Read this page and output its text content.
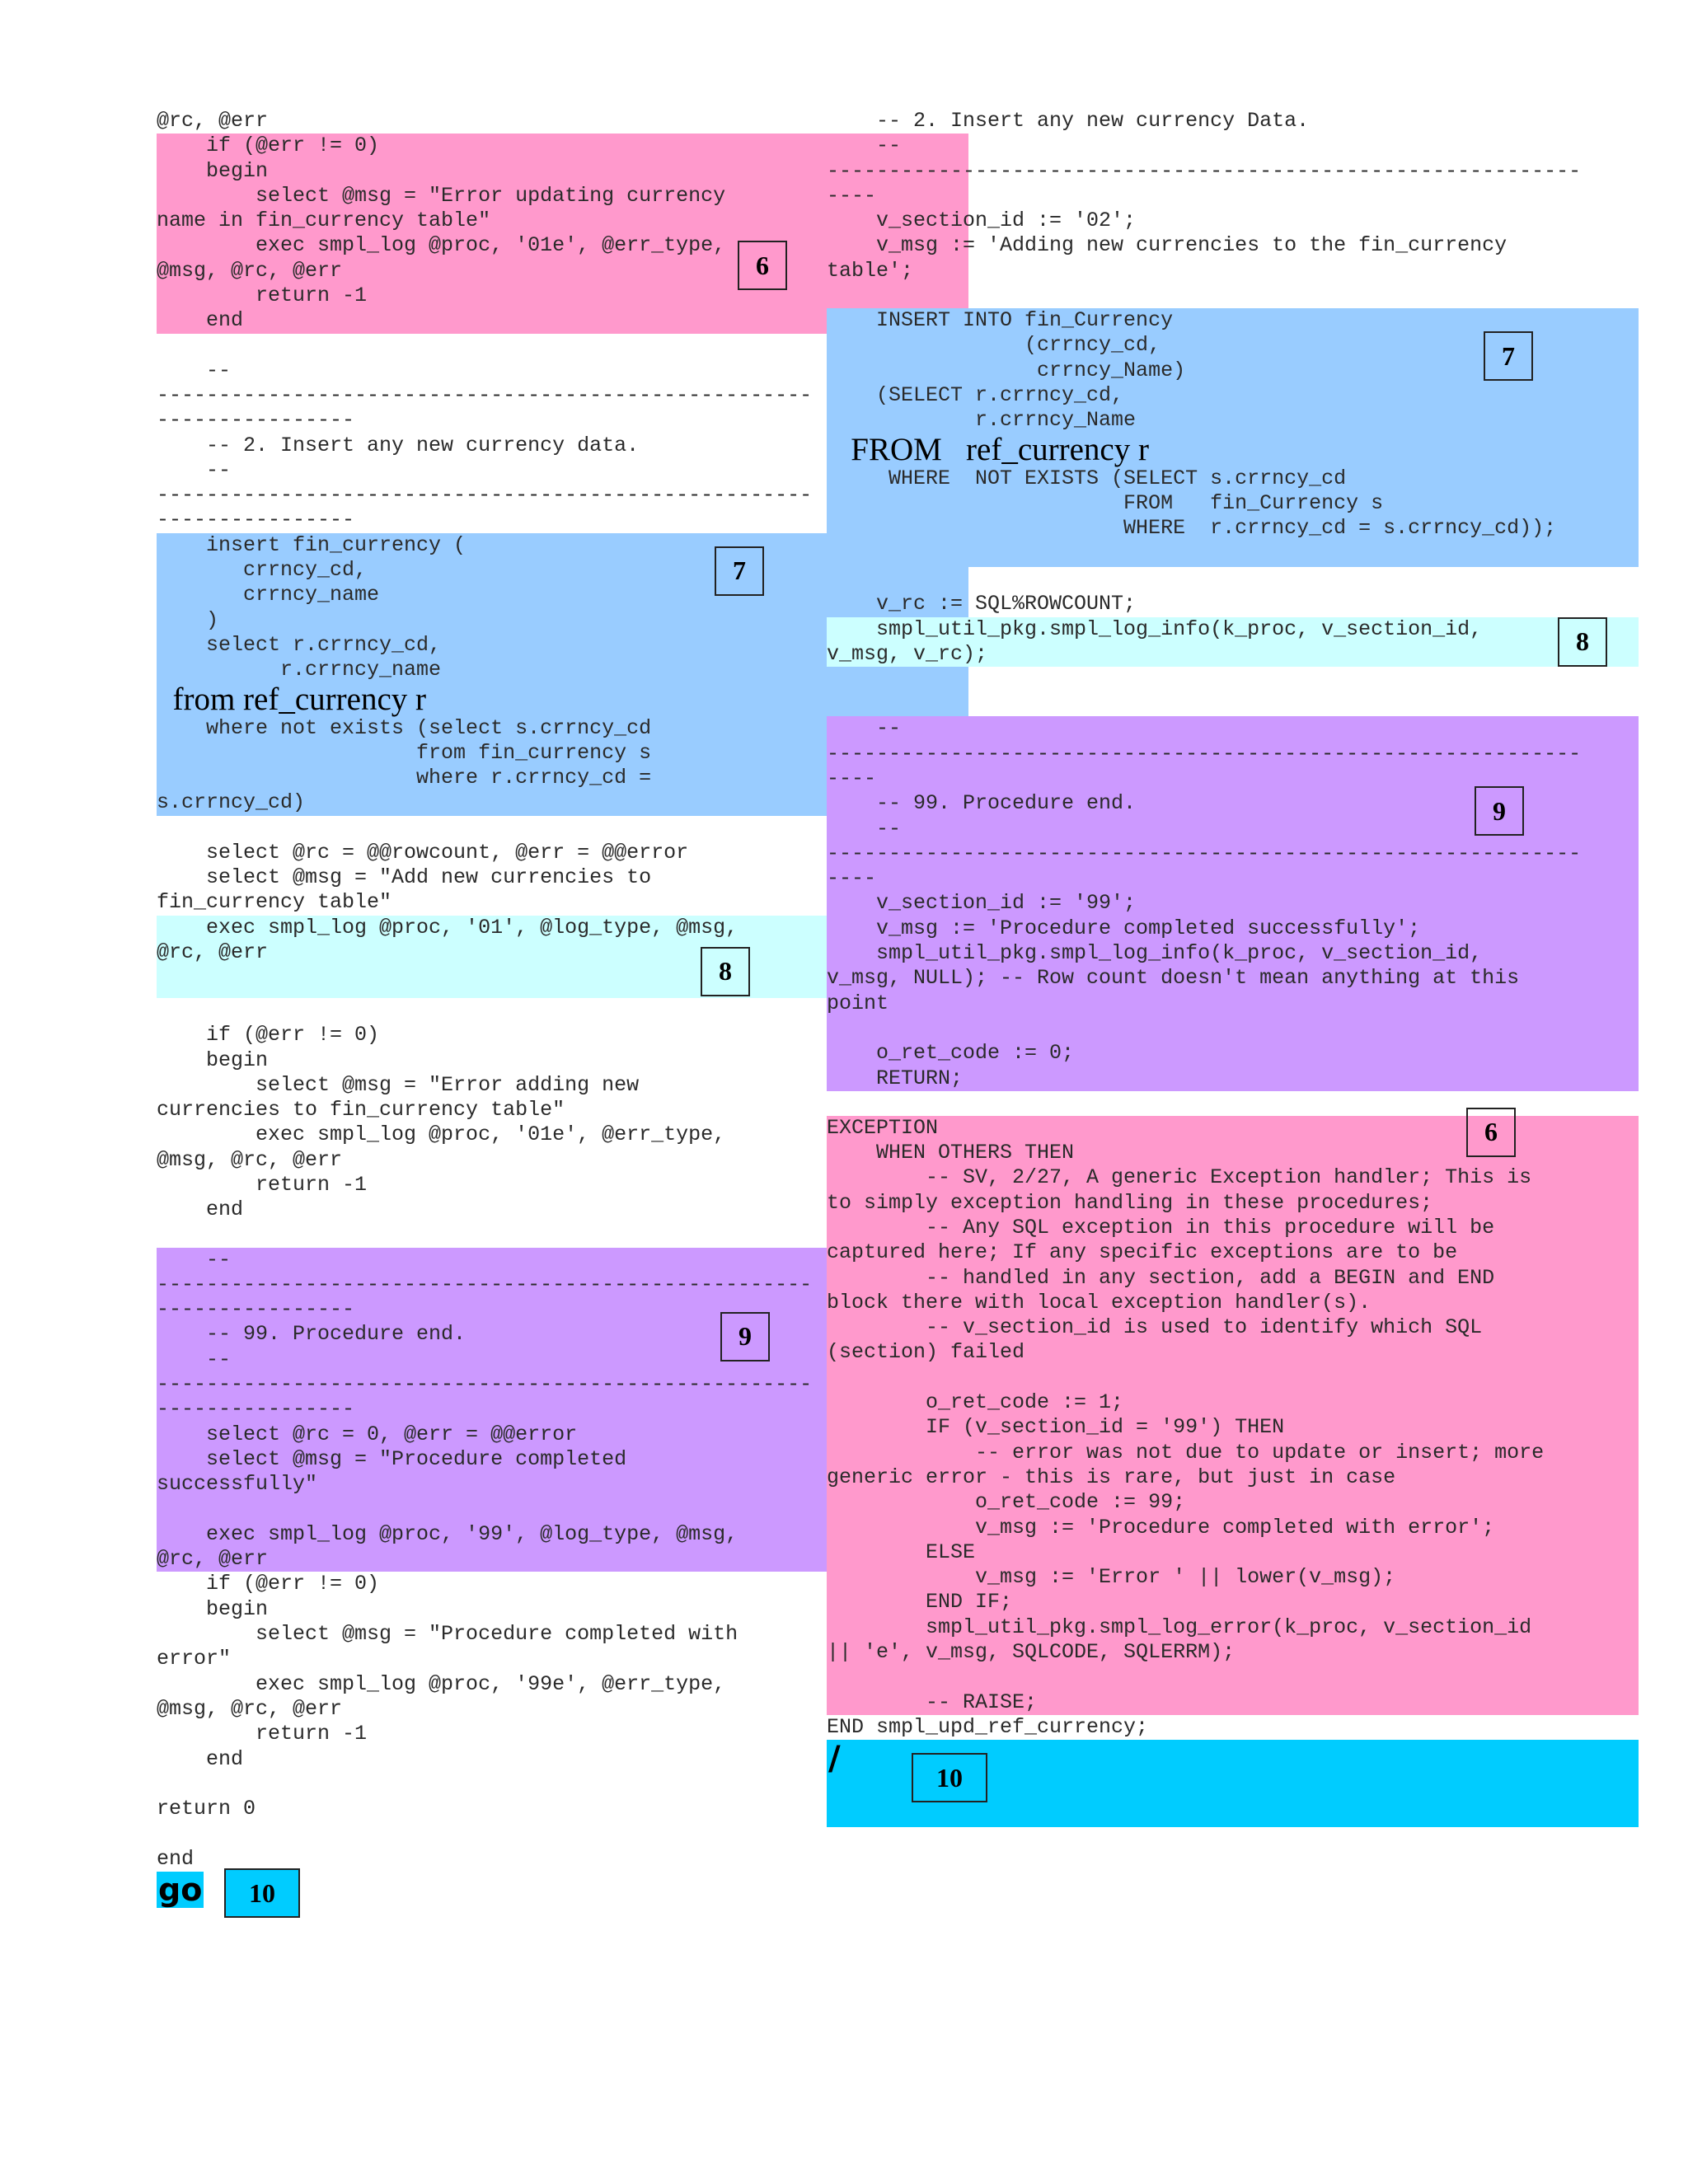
@rc, @err
if (@err != 0)
begin
select @msg = "Error updating currency
name in fin_currency table"
exec smpl_log @proc, '01e', @err_type,
@msg, @rc, @err
return -1
end
6
--
-----------------------------------------------------
----------------
-- 2. Insert any new currency data.
--
-----------------------------------------------------
----------------
insert fin_currency (
crrncy_cd,
crrncy_name
)
select r.crrncy_cd,
r.crrncy_name
from ref_currency r
where not exists (select s.crrncy_cd
from fin_currency s
where r.crrncy_cd =
s.crrncy_cd)
7
select @rc = @@rowcount, @err = @@error
select @msg = "Add new currencies to
fin_currency table"
exec smpl_log @proc, '01', @log_type, @msg,
@rc, @err
8
if (@err != 0)
begin
select @msg = "Error adding new
currencies to fin_currency table"
exec smpl_log @proc, '01e', @err_type,
@msg, @rc, @err
return -1
end
--
-----------------------------------------------------
----------------
-- 99. Procedure end.
--
-----------------------------------------------------
----------------
select @rc = 0, @err = @@error
select @msg = "Procedure completed
successfully"

exec smpl_log @proc, '99', @log_type, @msg,
@rc, @err
9
if (@err != 0)
begin
select @msg = "Procedure completed with
error"
exec smpl_log @proc, '99e', @err_type,
@msg, @rc, @err
return -1
end

return 0

end
go	10
-- 2. Insert any new currency Data.
--
-------------------------------------------------------------
----
v_section_id := '02';
v_msg := 'Adding new currencies to the fin_currency
table';
INSERT INTO fin_Currency
(crrncy_cd,
crrncy_Name)
(SELECT r.crrncy_cd,
r.crrncy_Name
FROM   ref_currency r
WHERE  NOT EXISTS (SELECT s.crrncy_cd
FROM   fin_Currency s
WHERE  r.crrncy_cd = s.crrncy_cd));
7
v_rc := SQL%ROWCOUNT;
smpl_util_pkg.smpl_log_info(k_proc, v_section_id,
v_msg, v_rc);	8
--
-------------------------------------------------------------
----
-- 99. Procedure end.
--
-------------------------------------------------------------
----
v_section_id := '99';
v_msg := 'Procedure completed successfully';
smpl_util_pkg.smpl_log_info(k_proc, v_section_id,
v_msg, NULL); -- Row count doesn't mean anything at this
point

o_ret_code := 0;
RETURN;
9
EXCEPTION
WHEN OTHERS THEN
-- SV, 2/27, A generic Exception handler; This is
to simply exception handling in these procedures;
-- Any SQL exception in this procedure will be
captured here; If any specific exceptions are to be
-- handled in any section, add a BEGIN and END
block there with local exception handler(s).
-- v_section_id is used to identify which SQL
(section) failed

o_ret_code := 1;
IF (v_section_id = '99') THEN
-- error was not due to update or insert; more
generic error - this is rare, but just in case
o_ret_code := 99;
v_msg := 'Procedure completed with error';
ELSE
v_msg := 'Error ' || lower(v_msg);
END IF;
smpl_util_pkg.smpl_log_error(k_proc, v_section_id
|| 'e', v_msg, SQLCODE, SQLERRM);

-- RAISE;
6
END smpl_upd_ref_currency;
/	10
